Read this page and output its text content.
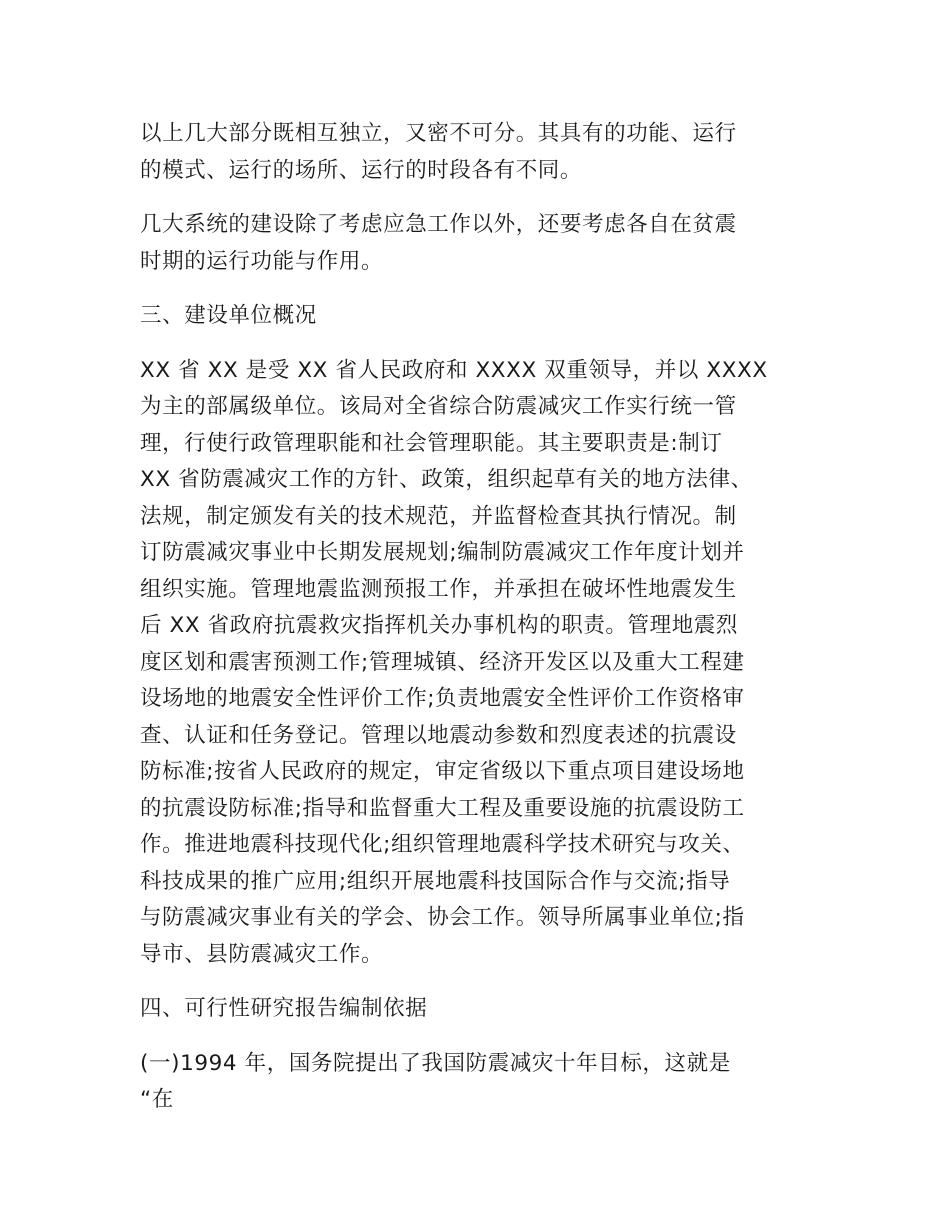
以上几大部分既相互独立，又密不可分。其具有的功能、运行
的模式、运行的场所、运行的时段各有不同。

几大系统的建设除了考虑应急工作以外，还要考虑各自在贫震
时期的运行功能与作用。

三、建设单位概况

XX 省 XX 是受 XX 省人民政府和 XXXX 双重领导，并以 XXXX
为主的部属级单位。该局对全省综合防震减灾工作实行统一管
理，行使行政管理职能和社会管理职能。其主要职责是:制订
XX 省防震减灾工作的方针、政策，组织起草有关的地方法律、
法规，制定颁发有关的技术规范，并监督检查其执行情况。制
订防震减灾事业中长期发展规划;编制防震减灾工作年度计划并
组织实施。管理地震监测预报工作，并承担在破坏性地震发生
后 XX 省政府抗震救灾指挥机关办事机构的职责。管理地震烈
度区划和震害预测工作;管理城镇、经济开发区以及重大工程建
设场地的地震安全性评价工作;负责地震安全性评价工作资格审
查、认证和任务登记。管理以地震动参数和烈度表述的抗震设
防标准;按省人民政府的规定，审定省级以下重点项目建设场地
的抗震设防标准;指导和监督重大工程及重要设施的抗震设防工
作。推进地震科技现代化;组织管理地震科学技术研究与攻关、
科技成果的推广应用;组织开展地震科技国际合作与交流;指导
与防震减灾事业有关的学会、协会工作。领导所属事业单位;指
导市、县防震减灾工作。

四、可行性研究报告编制依据

(一)1994 年，国务院提出了我国防震减灾十年目标，这就是
“在
